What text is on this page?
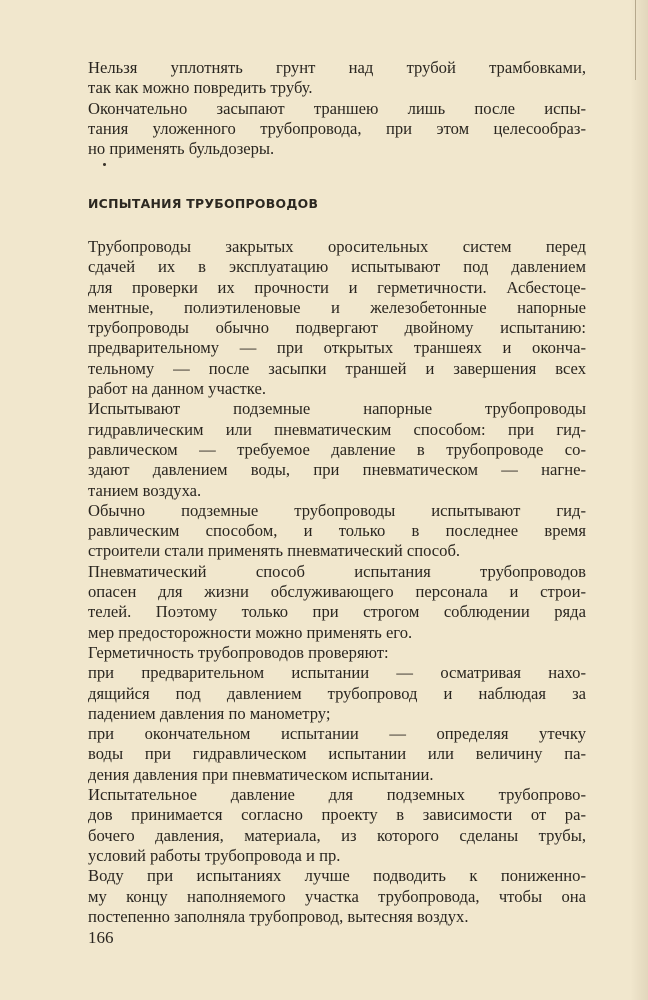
Нельзя уплотнять грунт над трубой трамбовками,
так как можно повредить трубу.
Окончательно засыпают траншею лишь после испы-
тания уложенного трубопровода, при этом целесообраз-
но применять бульдозеры.
ИСПЫТАНИЯ ТРУБОПРОВОДОВ
Трубопроводы закрытых оросительных систем перед
сдачей их в эксплуатацию испытывают под давлением
для проверки их прочности и герметичности. Асбестоце-
ментные, полиэтиленовые и железобетонные напорные
трубопроводы обычно подвергают двойному испытанию:
предварительному — при открытых траншеях и оконча-
тельному — после засыпки траншей и завершения всех
работ на данном участке.
Испытывают подземные напорные трубопроводы
гидравлическим или пневматическим способом: при гид-
равлическом — требуемое давление в трубопроводе со-
здают давлением воды, при пневматическом — нагне-
танием воздуха.
Обычно подземные трубопроводы испытывают гид-
равлическим способом, и только в последнее время
строители стали применять пневматический способ.
Пневматический способ испытания трубопроводов
опасен для жизни обслуживающего персонала и строи-
телей. Поэтому только при строгом соблюдении ряда
мер предосторожности можно применять его.
Герметичность трубопроводов проверяют:
при предварительном испытании — осматривая нахо-
дящийся под давлением трубопровод и наблюдая за
падением давления по манометру;
при окончательном испытании — определяя утечку
воды при гидравлическом испытании или величину па-
дения давления при пневматическом испытании.
Испытательное давление для подземных трубопрово-
дов принимается согласно проекту в зависимости от ра-
бочего давления, материала, из которого сделаны трубы,
условий работы трубопровода и пр.
Воду при испытаниях лучше подводить к пониженно-
му концу наполняемого участка трубопровода, чтобы она
постепенно заполняла трубопровод, вытесняя воздух.
166
